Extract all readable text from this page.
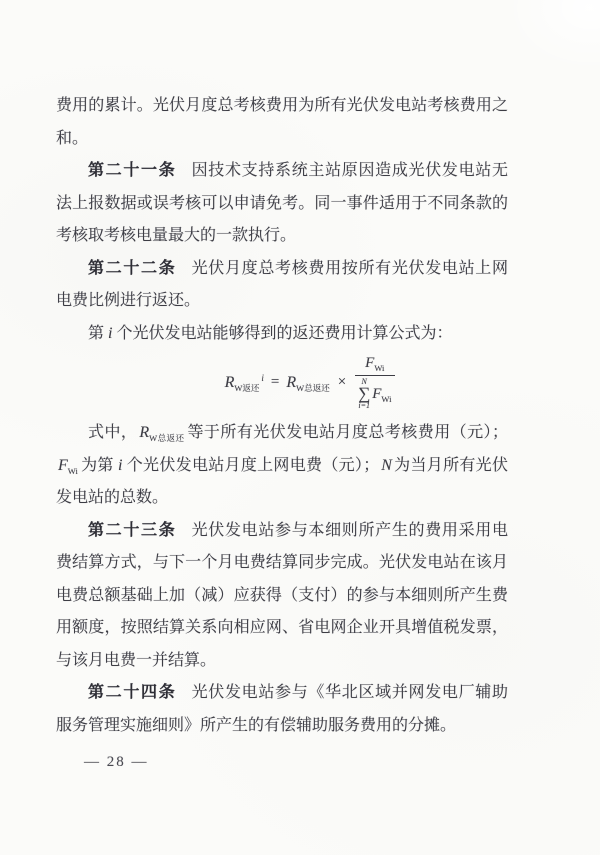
费用的累计。光伏月度总考核费用为所有光伏发电站考核费用之和。

第二十一条 因技术支持系统主站原因造成光伏发电站无法上报数据或误考核可以申请免考。同一事件适用于不同条款的考核取考核电量最大的一款执行。

第二十二条 光伏月度总考核费用按所有光伏发电站上网电费比例进行返还。

第 i 个光伏发电站能够得到的返还费用计算公式为：

$R_{W返还}^i = R_{W总返还} \times F_{Wi}$
N
∑
i=1
$F_{Wi}$

式中， $R_{W总返还}$ 等于所有光伏发电站月度总考核费用（元）；$F_{Wi}$ 为第 i 个光伏发电站月度上网电费（元）； N 为当月所有光伏发电站的总数。

第二十三条 光伏发电站参与本细则所产生的费用采用电费结算方式，与下一个月电费结算同步完成。光伏发电站在该月电费总额基础上加（减）应获得（支付）的参与本细则所产生费用额度，按照结算关系向相应网、省电网企业开具增值税发票，与该月电费一并结算。

第二十四条 光伏发电站参与《华北区域并网发电厂辅助服务管理实施细则》所产生的有偿辅助服务费用的分摊。

— 28 —
